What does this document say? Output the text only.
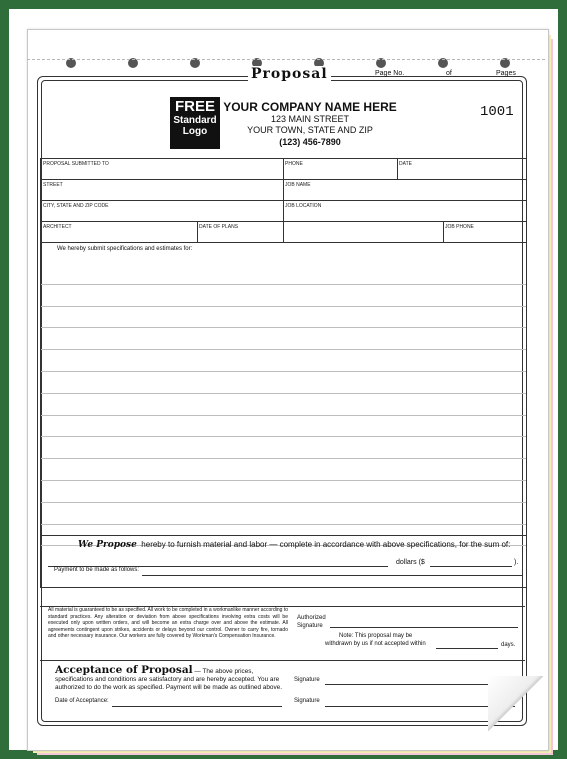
Proposal	Page No.	of	Pages
FREE
Standard
Logo
YOUR COMPANY NAME HERE
123 MAIN STREET
YOUR TOWN, STATE AND ZIP
(123) 456-7890
1001
PROPOSAL SUBMITTED TO	PHONE	DATE
STREET	JOB NAME
CITY, STATE AND ZIP CODE	JOB LOCATION
ARCHITECT	DATE OF PLANS	JOB PHONE
We hereby submit specifications and estimates for:
We Propose hereby to furnish material and labor — complete in accordance with above specifications, for the sum of:
dollars ($	).
Payment to be made as follows:
All material is guaranteed to be as specified. All work to be completed in a workmanlike manner according to standard practices. Any alteration or deviation from above specifications involving extra costs will be executed only upon written orders, and will become an extra charge over and above the estimate. All agreements contingent upon strikes, accidents or delays beyond our control. Owner to carry fire, tornado and other necessary insurance. Our workers are fully covered by Workman's Compensation Insurance.
Authorized
Signature
Note: This proposal may be
withdrawn by us if not accepted within	days.
Acceptance of Proposal — The above prices, specifications and conditions are satisfactory and are hereby accepted. You are authorized to do the work as specified. Payment will be made as outlined above.
Signature
Date of Acceptance:	Signature
